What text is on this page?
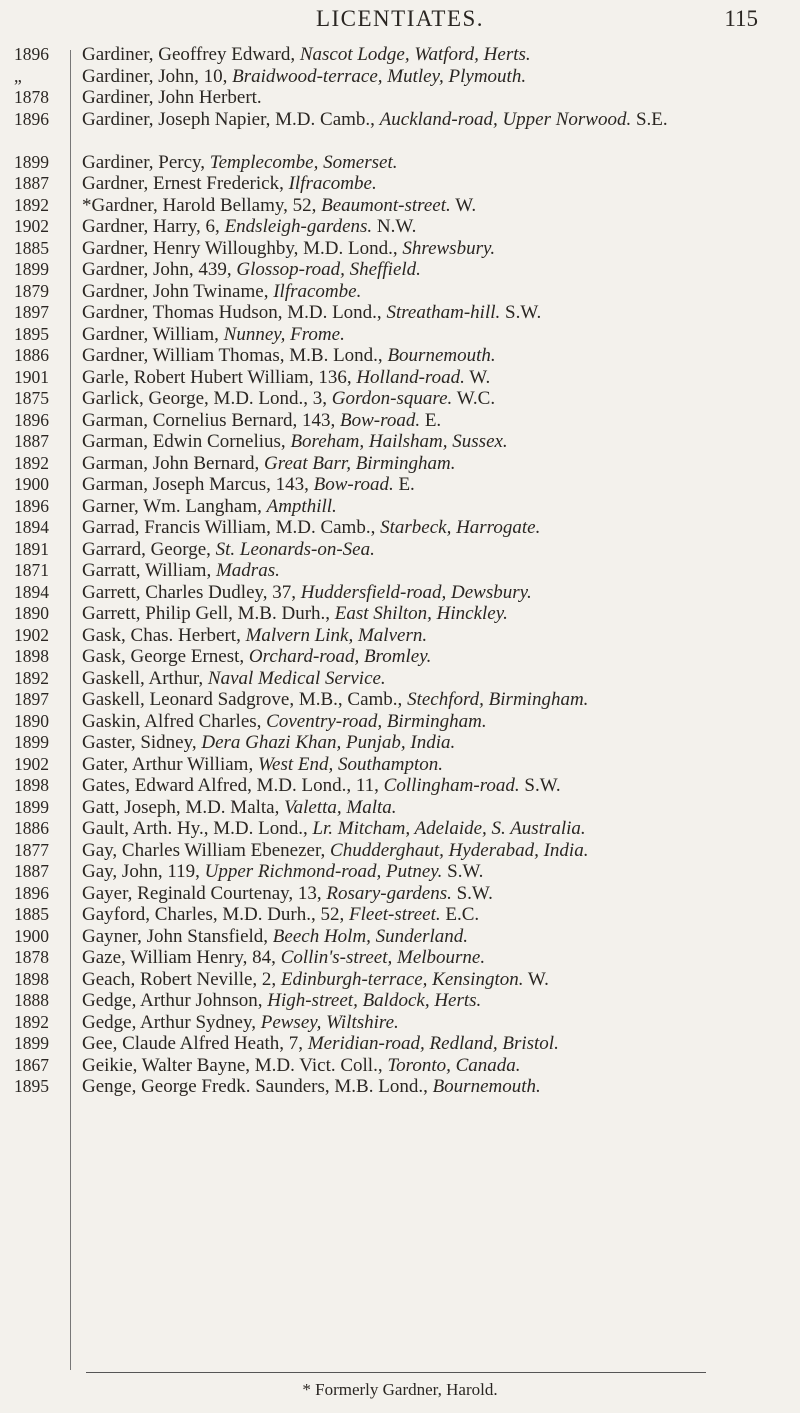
LICENTIATES.	115
1896
„
1878
1896
1899
1887
1892
1902
1885
1899
1879
1897
1895
1886
1901
1875
1896
1887
1892
1900
1896
1894
1891
1871
1894
1890
1902
1898
1892
1897
1890
1899
1902
1898
1899
1886
1877
1887
1896
1885
1900
1878
1898
1888
1892
1899
1867
1895
Gardiner, Geoffrey Edward, Nascot Lodge, Watford, Herts.
Gardiner, John, 10, Braidwood-terrace, Mutley, Plymouth.
Gardiner, John Herbert.
Gardiner, Joseph Napier, M.D. Camb., Auckland-road, Upper Norwood. S.E.
Gardiner, Percy, Templecombe, Somerset.
Gardner, Ernest Frederick, Ilfracombe.
*Gardner, Harold Bellamy, 52, Beaumont-street. W.
Gardner, Harry, 6, Endsleigh-gardens. N.W.
Gardner, Henry Willoughby, M.D. Lond., Shrewsbury.
Gardner, John, 439, Glossop-road, Sheffield.
Gardner, John Twiname, Ilfracombe.
Gardner, Thomas Hudson, M.D. Lond., Streatham-hill. S.W.
Gardner, William, Nunney, Frome.
Gardner, William Thomas, M.B. Lond., Bournemouth.
Garle, Robert Hubert William, 136, Holland-road. W.
Garlick, George, M.D. Lond., 3, Gordon-square. W.C.
Garman, Cornelius Bernard, 143, Bow-road. E.
Garman, Edwin Cornelius, Boreham, Hailsham, Sussex.
Garman, John Bernard, Great Barr, Birmingham.
Garman, Joseph Marcus, 143, Bow-road. E.
Garner, Wm. Langham, Ampthill.
Garrad, Francis William, M.D. Camb., Starbeck, Harrogate.
Garrard, George, St. Leonards-on-Sea.
Garratt, William, Madras.
Garrett, Charles Dudley, 37, Huddersfield-road, Dewsbury.
Garrett, Philip Gell, M.B. Durh., East Shilton, Hinckley.
Gask, Chas. Herbert, Malvern Link, Malvern.
Gask, George Ernest, Orchard-road, Bromley.
Gaskell, Arthur, Naval Medical Service.
Gaskell, Leonard Sadgrove, M.B., Camb., Stechford, Birmingham.
Gaskin, Alfred Charles, Coventry-road, Birmingham.
Gaster, Sidney, Dera Ghazi Khan, Punjab, India.
Gater, Arthur William, West End, Southampton.
Gates, Edward Alfred, M.D. Lond., 11, Collingham-road. S.W.
Gatt, Joseph, M.D. Malta, Valetta, Malta.
Gault, Arth. Hy., M.D. Lond., Lr. Mitcham, Adelaide, S. Australia.
Gay, Charles William Ebenezer, Chudderghaut, Hyderabad, India.
Gay, John, 119, Upper Richmond-road, Putney. S.W.
Gayer, Reginald Courtenay, 13, Rosary-gardens. S.W.
Gayford, Charles, M.D. Durh., 52, Fleet-street. E.C.
Gayner, John Stansfield, Beech Holm, Sunderland.
Gaze, William Henry, 84, Collin's-street, Melbourne.
Geach, Robert Neville, 2, Edinburgh-terrace, Kensington. W.
Gedge, Arthur Johnson, High-street, Baldock, Herts.
Gedge, Arthur Sydney, Pewsey, Wiltshire.
Gee, Claude Alfred Heath, 7, Meridian-road, Redland, Bristol.
Geikie, Walter Bayne, M.D. Vict. Coll., Toronto, Canada.
Genge, George Fredk. Saunders, M.B. Lond., Bournemouth.
* Formerly Gardner, Harold.
